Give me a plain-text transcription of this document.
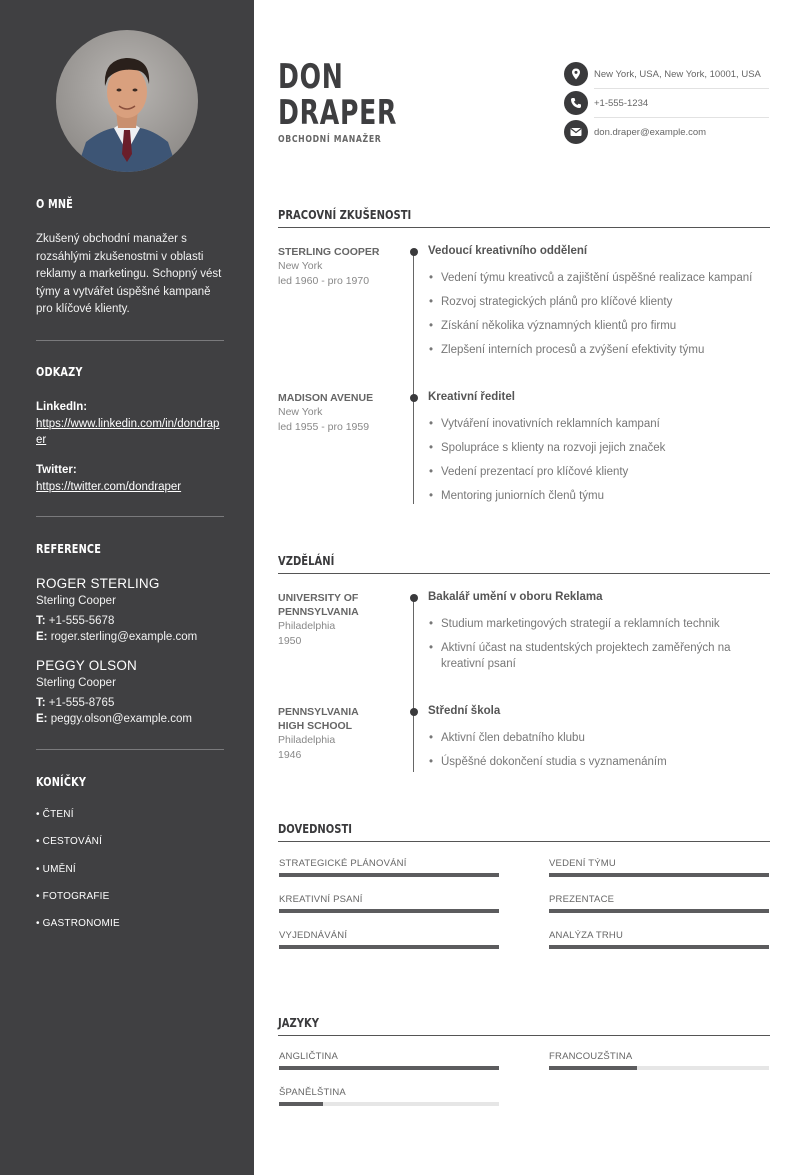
O MNĚ
Zkušený obchodní manažer s rozsáhlými zkušenostmi v oblasti reklamy a marketingu. Schopný vést týmy a vytvářet úspěšné kampaně pro klíčové klienty.
ODKAZY
LinkedIn:
https://www.linkedin.com/in/dondraper
Twitter:
https://twitter.com/dondraper
REFERENCE
ROGER STERLING
Sterling Cooper
T: +1-555-5678
E: roger.sterling@example.com
PEGGY OLSON
Sterling Cooper
T: +1-555-8765
E: peggy.olson@example.com
KONÍČKY
• ČTENÍ
• CESTOVÁNÍ
• UMĚNÍ
• FOTOGRAFIE
• GASTRONOMIE
DON
DRAPER
OBCHODNÍ MANAŽER
New York, USA, New York, 10001, USA
+1-555-1234
don.draper@example.com
PRACOVNÍ ZKUŠENOSTI
STERLING COOPER
New York
led 1960 - pro 1970
Vedoucí kreativního oddělení
• Vedení týmu kreativců a zajištění úspěšné realizace kampaní
• Rozvoj strategických plánů pro klíčové klienty
• Získání několika významných klientů pro firmu
• Zlepšení interních procesů a zvýšení efektivity týmu
MADISON AVENUE
New York
led 1955 - pro 1959
Kreativní ředitel
• Vytváření inovativních reklamních kampaní
• Spolupráce s klienty na rozvoji jejich značek
• Vedení prezentací pro klíčové klienty
• Mentoring juniorních členů týmu
VZDĚLÁNÍ
UNIVERSITY OF PENNSYLVANIA
Philadelphia
1950
Bakalář umění v oboru Reklama
• Studium marketingových strategií a reklamních technik
• Aktivní účast na studentských projektech zaměřených na kreativní psaní
PENNSYLVANIA HIGH SCHOOL
Philadelphia
1946
Střední škola
• Aktivní člen debatního klubu
• Úspěšné dokončení studia s vyznamenáním
DOVEDNOSTI
STRATEGICKÉ PLÁNOVÁNÍ	VEDENÍ TÝMU
KREATIVNÍ PSANÍ	PREZENTACE
VYJEDNÁVÁNÍ	ANALÝZA TRHU
JAZYKY
ANGLIČTINA	FRANCOUZŠTINA
ŠPANĚLŠTINA
